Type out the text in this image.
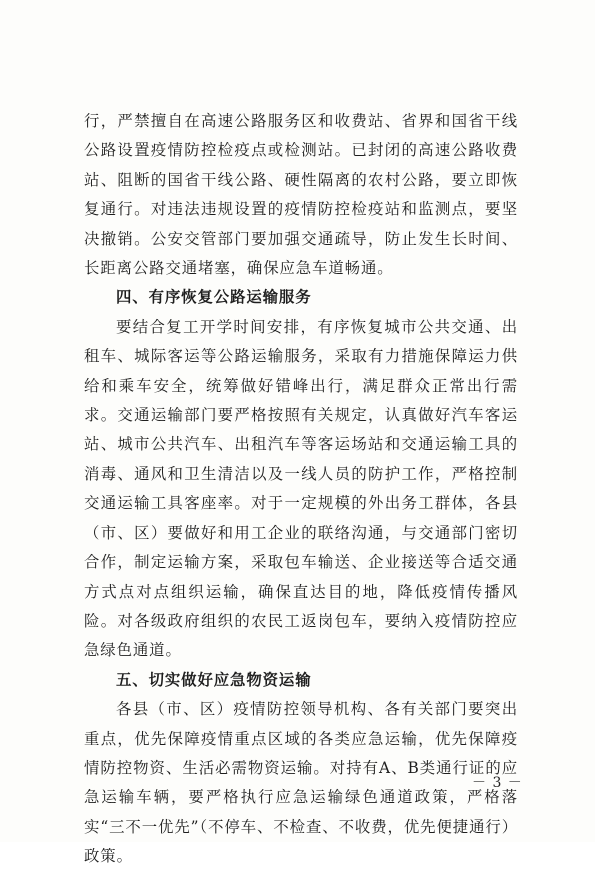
行，严禁擅自在高速公路服务区和收费站、省界和国省干线公路设置疫情防控检疫点或检测站。已封闭的高速公路收费站、阻断的国省干线公路、硬性隔离的农村公路，要立即恢复通行。对违法违规设置的疫情防控检疫站和监测点，要坚决撤销。公安交管部门要加强交通疏导，防止发生长时间、长距离公路交通堵塞，确保应急车道畅通。

四、有序恢复公路运输服务

要结合复工开学时间安排，有序恢复城市公共交通、出租车、城际客运等公路运输服务，采取有力措施保障运力供给和乘车安全，统筹做好错峰出行，满足群众正常出行需求。交通运输部门要严格按照有关规定，认真做好汽车客运站、城市公共汽车、出租汽车等客运场站和交通运输工具的消毒、通风和卫生清洁以及一线人员的防护工作，严格控制交通运输工具客座率。对于一定规模的外出务工群体，各县（市、区）要做好和用工企业的联络沟通，与交通部门密切合作，制定运输方案，采取包车输送、企业接送等合适交通方式点对点组织运输，确保直达目的地，降低疫情传播风险。对各级政府组织的农民工返岗包车，要纳入疫情防控应急绿色通道。

五、切实做好应急物资运输

各县（市、区）疫情防控领导机构、各有关部门要突出重点，优先保障疫情重点区域的各类应急运输，优先保障疫情防控物资、生活必需物资运输。对持有A、B类通行证的应急运输车辆，要严格执行应急运输绿色通道政策，严格落实“三不一优先”（不停车、不检查、不收费，优先便捷通行）政策。

－ 3 －
